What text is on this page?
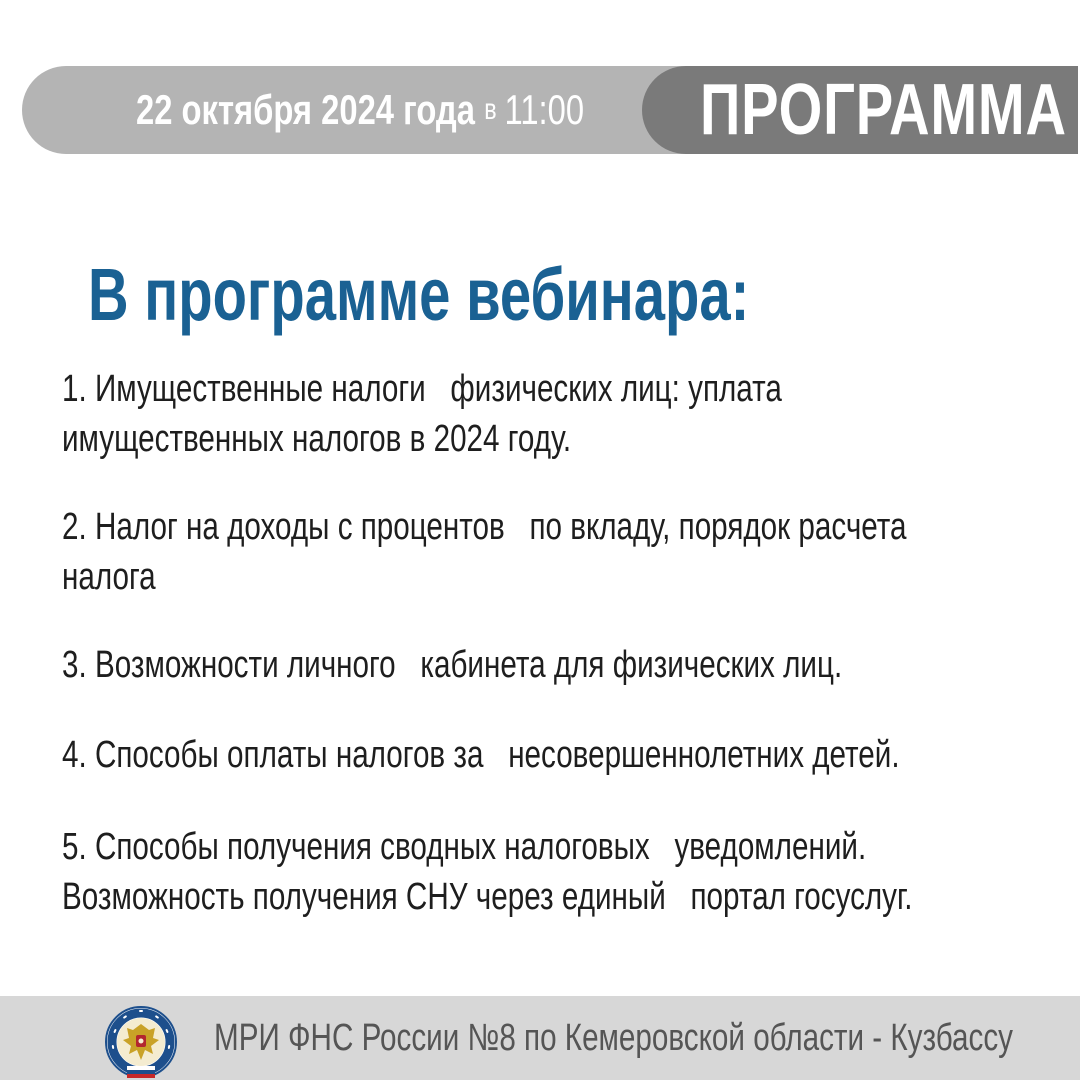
22 октября 2024 года в 11:00 ПРОГРАММА
В программе вебинара:
1. Имущественные налоги   физических лиц: уплата
имущественных налогов в 2024 году.
2. Налог на доходы с процентов   по вкладу, порядок расчета
налога
3. Возможности личного   кабинета для физических лиц.
4. Способы оплаты налогов за   несовершеннолетних детей.
5. Способы получения сводных налоговых   уведомлений.
Возможность получения СНУ через единый   портал госуслуг.
МРИ ФНС России №8 по Кемеровской области - Кузбассу
